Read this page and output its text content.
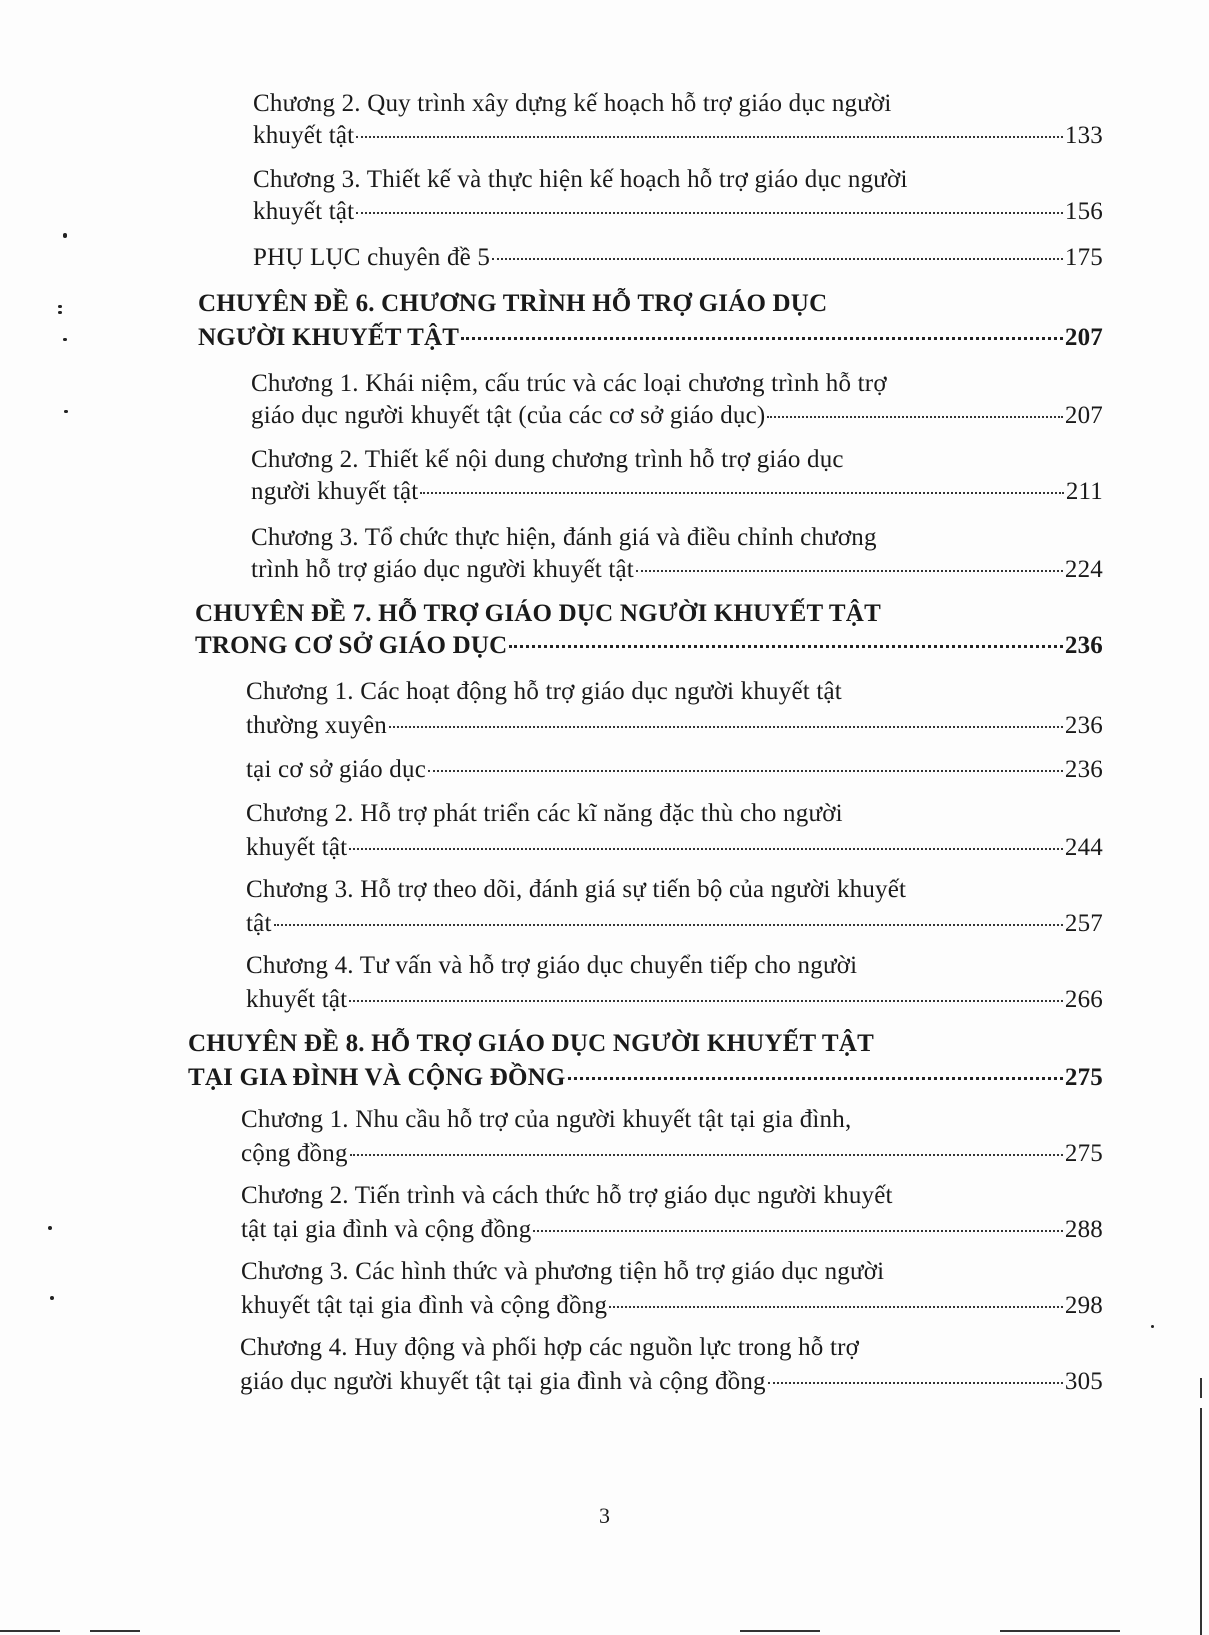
Chương 2. Quy trình xây dựng kế hoạch hỗ trợ giáo dục người
khuyết tật	133
Chương 3. Thiết kế và thực hiện kế hoạch hỗ trợ giáo dục người
khuyết tật	156
PHỤ LỤC chuyên đề 5	175
CHUYÊN ĐỀ 6. CHƯƠNG TRÌNH HỖ TRỢ GIÁO DỤC
NGƯỜI KHUYẾT TẬT	207
Chương 1. Khái niệm, cấu trúc và các loại chương trình hỗ trợ
giáo dục người khuyết tật (của các cơ sở giáo dục)	207
Chương 2. Thiết kế nội dung chương trình hỗ trợ giáo dục
người khuyết tật	211
Chương 3. Tổ chức thực hiện, đánh giá và điều chỉnh chương
trình hỗ trợ giáo dục người khuyết tật	224
CHUYÊN ĐỀ 7. HỖ TRỢ GIÁO DỤC NGƯỜI KHUYẾT TẬT
TRONG CƠ SỞ GIÁO DỤC	236
Chương 1. Các hoạt động hỗ trợ giáo dục người khuyết tật
thường xuyên	236
tại cơ sở giáo dục	236
Chương 2. Hỗ trợ phát triển các kĩ năng đặc thù cho người
khuyết tật	244
Chương 3. Hỗ trợ theo dõi, đánh giá sự tiến bộ của người khuyết
tật	257
Chương 4. Tư vấn và hỗ trợ giáo dục chuyển tiếp cho người
khuyết tật	266
CHUYÊN ĐỀ 8. HỖ TRỢ GIÁO DỤC NGƯỜI KHUYẾT TẬT
TẠI GIA ĐÌNH VÀ CỘNG ĐỒNG	275
Chương 1. Nhu cầu hỗ trợ của người khuyết tật tại gia đình,
cộng đồng	275
Chương 2. Tiến trình và cách thức hỗ trợ giáo dục người khuyết
tật tại gia đình và cộng đồng	288
Chương 3. Các hình thức và phương tiện hỗ trợ giáo dục người
khuyết tật tại gia đình và cộng đồng	298
Chương 4. Huy động và phối hợp các nguồn lực trong hỗ trợ
giáo dục người khuyết tật tại gia đình và cộng đồng	305
3
